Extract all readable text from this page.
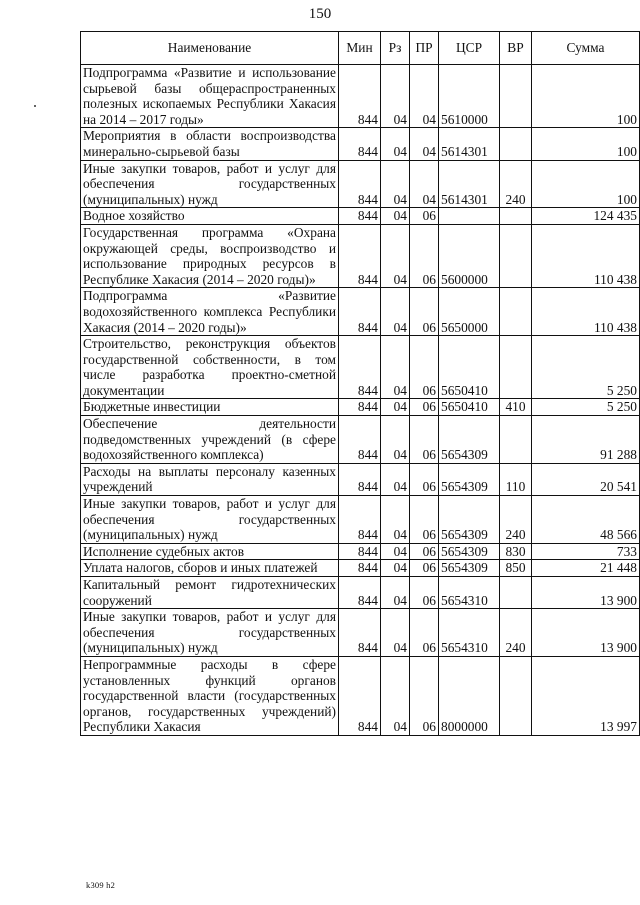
150
Наименование	Мин	Рз	ПР	ЦСР	ВР	Сумма
Подпрограмма «Развитие и использование сырьевой базы общераспространенных полезных ископаемых Республики Хакасия на 2014 – 2017 годы»	844	04	04	5610000		100
Мероприятия в области воспроизводства минерально-сырьевой базы	844	04	04	5614301		100
Иные закупки товаров, работ и услуг для обеспечения государственных (муниципальных) нужд	844	04	04	5614301	240	100
Водное хозяйство	844	04	06			124 435
Государственная программа «Охрана окружающей среды, воспроизводство и использование природных ресурсов в Республике Хакасия (2014 – 2020 годы)»	844	04	06	5600000		110 438
Подпрограмма «Развитие водохозяйственного комплекса Республики Хакасия (2014 – 2020 годы)»	844	04	06	5650000		110 438
Строительство, реконструкция объектов государственной собственности, в том числе разработка проектно-сметной документации	844	04	06	5650410		5 250
Бюджетные инвестиции	844	04	06	5650410	410	5 250
Обеспечение деятельности подведомственных учреждений (в сфере водохозяйственного комплекса)	844	04	06	5654309		91 288
Расходы на выплаты персоналу казенных учреждений	844	04	06	5654309	110	20 541
Иные закупки товаров, работ и услуг для обеспечения государственных (муниципальных) нужд	844	04	06	5654309	240	48 566
Исполнение судебных актов	844	04	06	5654309	830	733
Уплата налогов, сборов и иных платежей	844	04	06	5654309	850	21 448
Капитальный ремонт гидротехнических сооружений	844	04	06	5654310		13 900
Иные закупки товаров, работ и услуг для обеспечения государственных (муниципальных) нужд	844	04	06	5654310	240	13 900
Непрограммные расходы в сфере установленных функций органов государственной власти (государственных органов, государственных учреждений) Республики Хакасия	844	04	06	8000000		13 997
k309 h2
